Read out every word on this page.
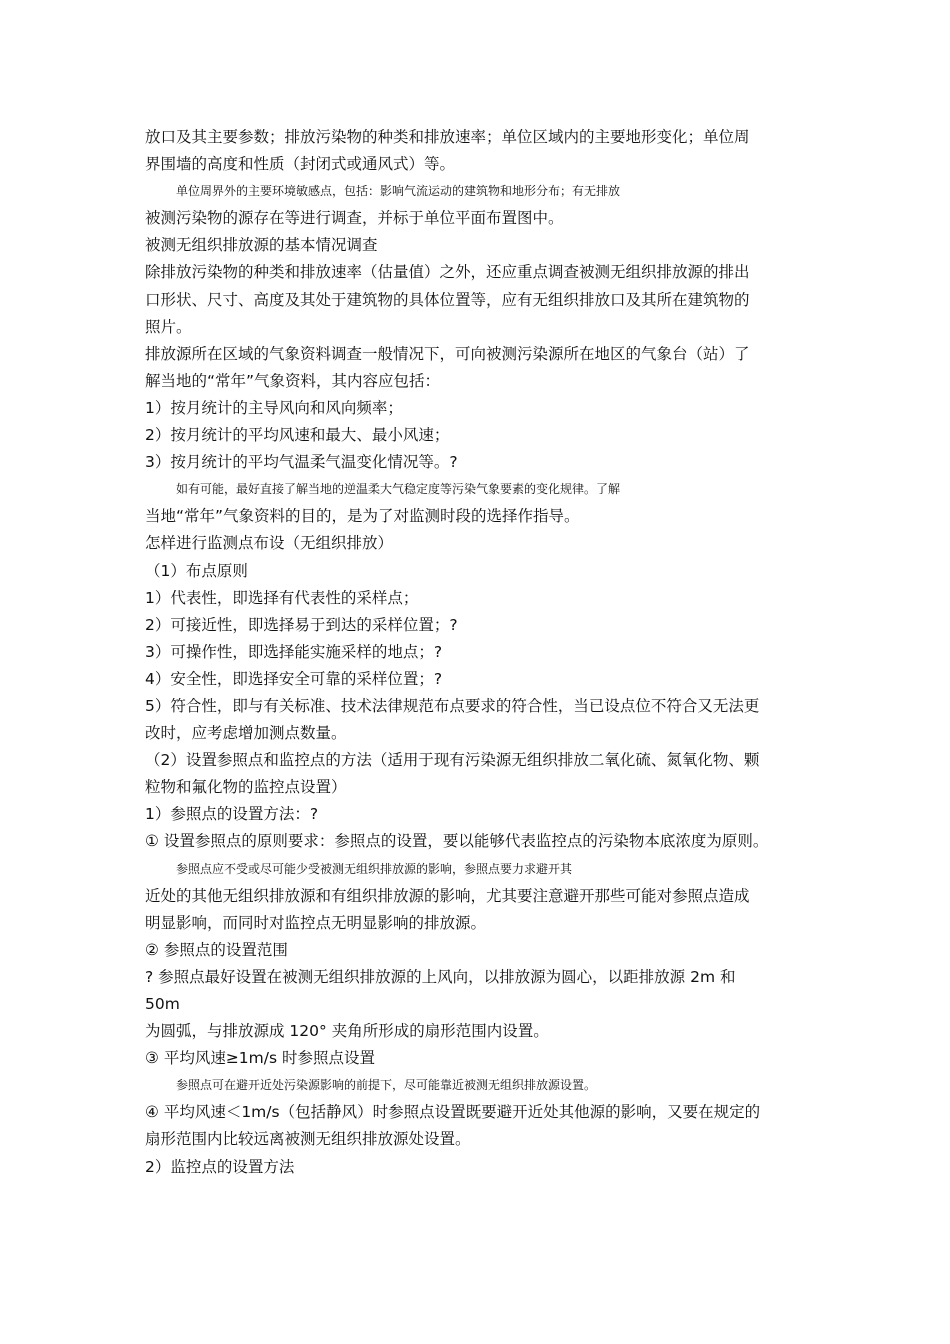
放口及其主要参数；排放污染物的种类和排放速率；单位区域内的主要地形变化；单位周
界围墙的高度和性质（封闭式或通风式）等。
单位周界外的主要环境敏感点，包括：影响气流运动的建筑物和地形分布；有无排放
被测污染物的源存在等进行调查，并标于单位平面布置图中。
被测无组织排放源的基本情况调查
除排放污染物的种类和排放速率（估量值）之外，还应重点调查被测无组织排放源的排出
口形状、尺寸、高度及其处于建筑物的具体位置等，应有无组织排放口及其所在建筑物的
照片。
排放源所在区域的气象资料调查一般情况下，可向被测污染源所在地区的气象台（站）了
解当地的“常年”气象资料，其内容应包括：
1）按月统计的主导风向和风向频率；
2）按月统计的平均风速和最大、最小风速；
3）按月统计的平均气温柔气温变化情况等。?
如有可能，最好直接了解当地的逆温柔大气稳定度等污染气象要素的变化规律。了解
当地“常年”气象资料的目的，是为了对监测时段的选择作指导。
怎样进行监测点布设（无组织排放）
（1）布点原则
1）代表性，即选择有代表性的采样点；
2）可接近性，即选择易于到达的采样位置；?
3）可操作性，即选择能实施采样的地点；?
4）安全性，即选择安全可靠的采样位置；?
5）符合性，即与有关标准、技术法律规范布点要求的符合性，当已设点位不符合又无法更
改时，应考虑增加测点数量。
（2）设置参照点和监控点的方法（适用于现有污染源无组织排放二氧化硫、氮氧化物、颗
粒物和氟化物的监控点设置）
1）参照点的设置方法：?
① 设置参照点的原则要求：参照点的设置，要以能够代表监控点的污染物本底浓度为原则。
参照点应不受或尽可能少受被测无组织排放源的影响，参照点要力求避开其
近处的其他无组织排放源和有组织排放源的影响，尤其要注意避开那些可能对参照点造成
明显影响，而同时对监控点无明显影响的排放源。
② 参照点的设置范围
? 参照点最好设置在被测无组织排放源的上风向，以排放源为圆心，以距排放源 2m 和
50m
为圆弧，与排放源成 120° 夹角所形成的扇形范围内设置。
③ 平均风速≥1m/s 时参照点设置
参照点可在避开近处污染源影响的前提下，尽可能靠近被测无组织排放源设置。
④ 平均风速＜1m/s（包括静风）时参照点设置既要避开近处其他源的影响，又要在规定的
扇形范围内比较远离被测无组织排放源处设置。
2）监控点的设置方法
